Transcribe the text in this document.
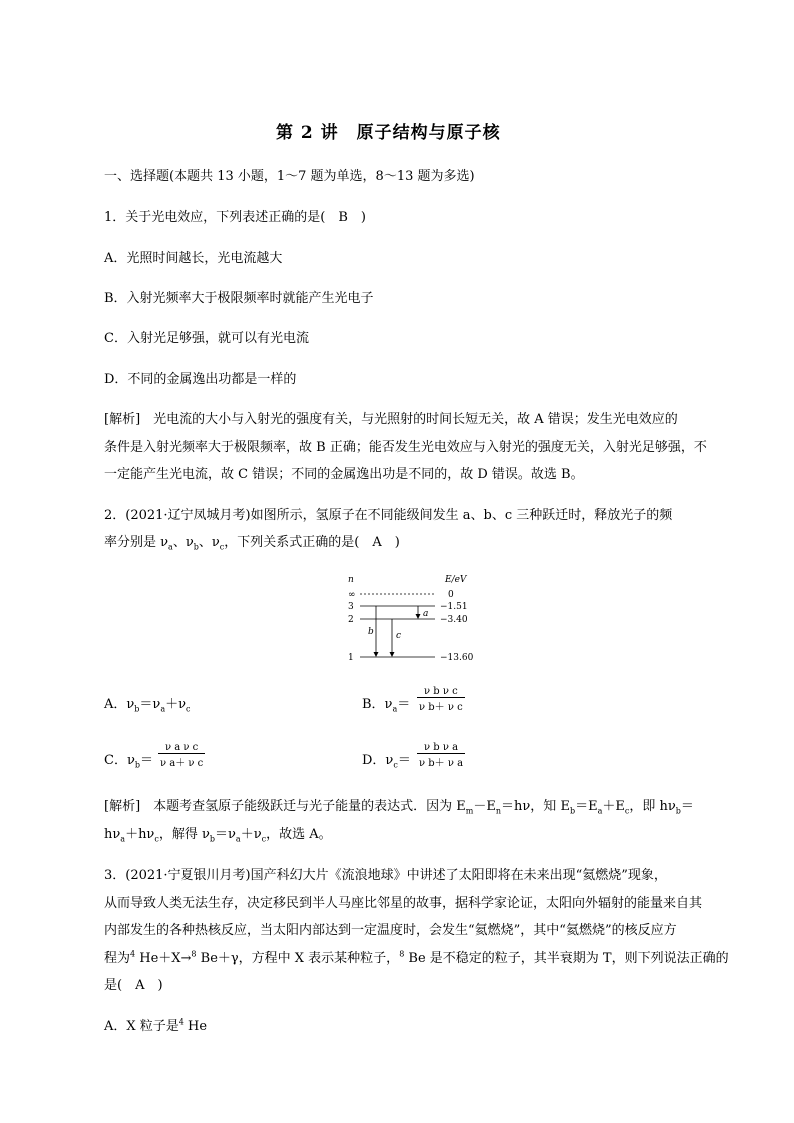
第 2 讲　原子结构与原子核
一、选择题(本题共 13 小题，1～7 题为单选，8～13 题为多选)
1．关于光电效应，下列表述正确的是(　B　)
A．光照时间越长，光电流越大
B．入射光频率大于极限频率时就能产生光电子
C．入射光足够强，就可以有光电流
D．不同的金属逸出功都是一样的
[解析]　光电流的大小与入射光的强度有关，与光照射的时间长短无关，故 A 错误；发生光电效应的
条件是入射光频率大于极限频率，故 B 正确；能否发生光电效应与入射光的强度无关，入射光足够强，不
一定能产生光电流，故 C 错误；不同的金属逸出功是不同的，故 D 错误。故选 B。
2．(2021·辽宁凤城月考)如图所示，氢原子在不同能级间发生 a、b、c 三种跃迁时，释放光子的频
率分别是 $\nu_a$、$\nu_b$、$\nu_c$，下列关系式正确的是(　A　)
n	E/eV
∞	0
3	−1.51
2	−3.40
1	−13.60
a
b c
A．$\nu_b=\nu_a+\nu_c$	B．$\nu_a= \frac{\text{ν b ν c}}{\text{ν b＋ ν c}}$
C．$\nu_b= \frac{\text{ν a ν c}}{\text{ν a＋ ν c}}$	D．$\nu_c= \frac{\text{ν b ν a}}{\text{ν b＋ ν a}}$
[解析]　本题考查氢原子能级跃迁与光子能量的表达式．因为 $E_m-E_n=h\nu$，知 $E_b=E_a+E_c$，即 $h\nu_b=$
$h\nu_a+h\nu_c$，解得 $\nu_b=\nu_a+\nu_c$，故选 A。
3．(2021·宁夏银川月考)国产科幻大片《流浪地球》中讲述了太阳即将在未来出现“氦燃烧”现象，
从而导致人类无法生存，决定移民到半人马座比邻星的故事，据科学家论证，太阳向外辐射的能量来自其
内部发生的各种热核反应，当太阳内部达到一定温度时，会发生“氦燃烧”，其中“氦燃烧”的核反应方
程为$^4$ He＋X→$^8$ Be＋γ，方程中 X 表示某种粒子，$^8$ Be 是不稳定的粒子，其半衰期为 T，则下列说法正确的
是(　A　)
A．X 粒子是$^4$ He
